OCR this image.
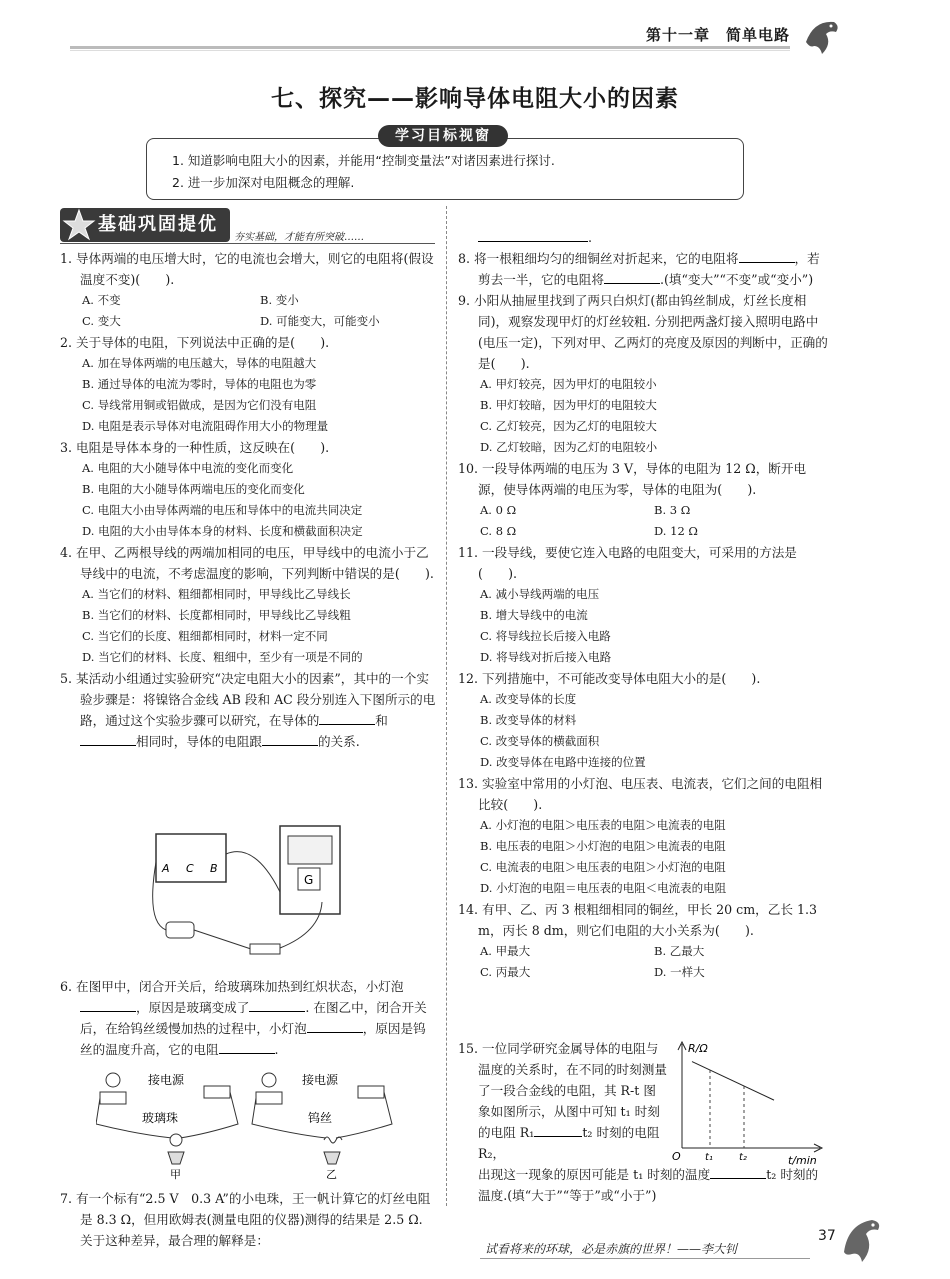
第十一章　简单电路
七、探究——影响导体电阻大小的因素
学习目标视窗
1. 知道影响电阻大小的因素，并能用“控制变量法”对诸因素进行探讨.
2. 进一步加深对电阻概念的理解.
基础巩固提优
夯实基础，才能有所突破……
1. 导体两端的电压增大时，它的电流也会增大，则它的电阻将(假设温度不变)(　　).
A. 不变	B. 变小
C. 变大	D. 可能变大，可能变小
2. 关于导体的电阻，下列说法中正确的是(　　).
A. 加在导体两端的电压越大，导体的电阻越大
B. 通过导体的电流为零时，导体的电阻也为零
C. 导线常用铜或铝做成，是因为它们没有电阻
D. 电阻是表示导体对电流阻碍作用大小的物理量
3. 电阻是导体本身的一种性质，这反映在(　　).
A. 电阻的大小随导体中电流的变化而变化
B. 电阻的大小随导体两端电压的变化而变化
C. 电阻大小由导体两端的电压和导体中的电流共同决定
D. 电阻的大小由导体本身的材料、长度和横截面积决定
4. 在甲、乙两根导线的两端加相同的电压，甲导线中的电流小于乙导线中的电流，不考虑温度的影响，下列判断中错误的是(　　).
A. 当它们的材料、粗细都相同时，甲导线比乙导线长
B. 当它们的材料、长度都相同时，甲导线比乙导线粗
C. 当它们的长度、粗细都相同时，材料一定不同
D. 当它们的材料、长度、粗细中，至少有一项是不同的
5. 某活动小组通过实验研究“决定电阻大小的因素”，其中的一个实验步骤是：将镍铬合金线 AB 段和 AC 段分别连入下图所示的电路，通过这个实验步骤可以研究，在导体的	和相同时，导体的电阻跟	的关系.
A C B
G
6. 在图甲中，闭合开关后，给玻璃珠加热到红炽状态，小灯泡，原因是玻璃变成了	. 在图乙中，闭合开关后，在给钨丝缓慢加热的过程中，小灯泡	，原因是钨丝的温度升高，它的电阻	.
接电源
玻璃珠
甲
接电源
钨丝
乙
7. 有一个标有“2.5 V　0.3 A”的小电珠，王一帆计算它的灯丝电阻是 8.3 Ω，但用欧姆表(测量电阻的仪器)测得的结果是 2.5 Ω. 关于这种差异，最合理的解释是：
.
8. 将一根粗细均匀的细铜丝对折起来，它的电阻将	，若剪去一半，它的电阻将	.(填“变大”“不变”或“变小”)
9. 小阳从抽屉里找到了两只白炽灯(都由钨丝制成，灯丝长度相同)，观察发现甲灯的灯丝较粗. 分别把两盏灯接入照明电路中(电压一定)，下列对甲、乙两灯的亮度及原因的判断中，正确的是(　　).
A. 甲灯较亮，因为甲灯的电阻较小
B. 甲灯较暗，因为甲灯的电阻较大
C. 乙灯较亮，因为乙灯的电阻较大
D. 乙灯较暗，因为乙灯的电阻较小
10. 一段导体两端的电压为 3 V，导体的电阻为 12 Ω，断开电源，使导体两端的电压为零，导体的电阻为(　　).
A. 0 Ω	B. 3 Ω
C. 8 Ω	D. 12 Ω
11. 一段导线，要使它连入电路的电阻变大，可采用的方法是(　　).
A. 减小导线两端的电压
B. 增大导线中的电流
C. 将导线拉长后接入电路
D. 将导线对折后接入电路
12. 下列措施中，不可能改变导体电阻大小的是(　　).
A. 改变导体的长度
B. 改变导体的材料
C. 改变导体的横截面积
D. 改变导体在电路中连接的位置
13. 实验室中常用的小灯泡、电压表、电流表，它们之间的电阻相比较(　　).
A. 小灯泡的电阻＞电压表的电阻＞电流表的电阻
B. 电压表的电阻＞小灯泡的电阻＞电流表的电阻
C. 电流表的电阻＞电压表的电阻＞小灯泡的电阻
D. 小灯泡的电阻＝电压表的电阻＜电流表的电阻
14. 有甲、乙、丙 3 根粗细相同的铜丝，甲长 20 cm，乙长 1.3 m，丙长 8 dm，则它们电阻的大小关系为(　　).
A. 甲最大	B. 乙最大
C. 丙最大	D. 一样大
15. 一位同学研究金属导体的电阻与温度的关系时，在不同的时刻测量了一段合金线的电阻，其 R-t 图象如图所示，从图中可知 t₁ 时刻的电阻 R₁	t₂ 时刻的电阻 R₂，
出现这一现象的原因可能是 t₁ 时刻的温度	t₂ 时刻的温度.(填“大于”“等于”或“小于”)
R/Ω
t/min
O t₁	t₂
试看将来的环球，必是赤旗的世界！——李大钊
37
